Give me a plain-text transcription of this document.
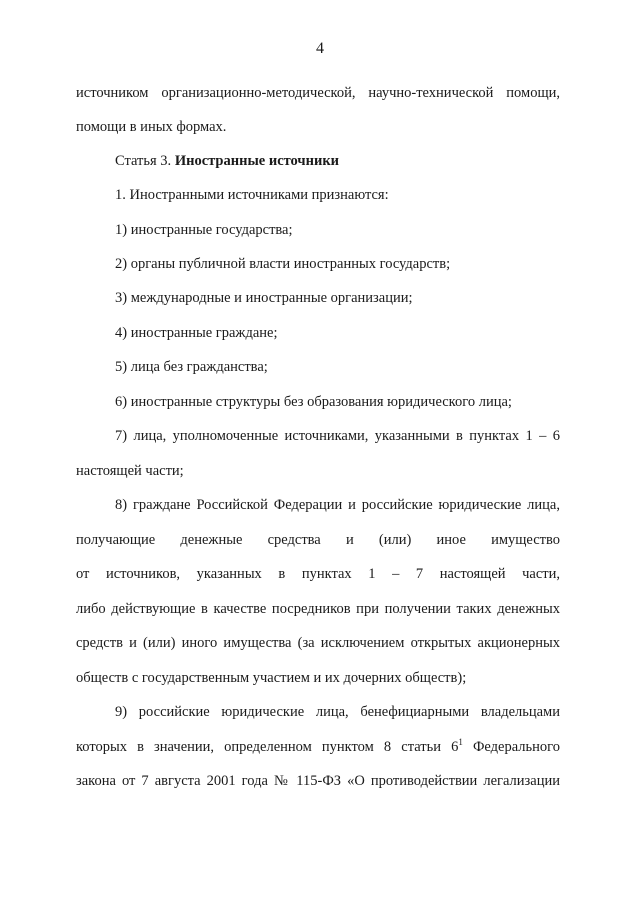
4
источником организационно-методической, научно-технической помощи,
помощи в иных формах.
Статья 3. Иностранные источники
1. Иностранными источниками признаются:
1) иностранные государства;
2) органы публичной власти иностранных государств;
3) международные и иностранные организации;
4) иностранные граждане;
5) лица без гражданства;
6) иностранные структуры без образования юридического лица;
7) лица, уполномоченные источниками, указанными в пунктах 1 – 6
настоящей части;
8) граждане Российской Федерации и российские юридические лица,
получающие денежные средства и (или) иное имущество
от источников, указанных в пунктах 1 – 7 настоящей части,
либо действующие в качестве посредников при получении таких денежных
средств и (или) иного имущества (за исключением открытых акционерных
обществ с государственным участием и их дочерних обществ);
9) российские юридические лица, бенефициарными владельцами
которых в значении, определенном пунктом 8 статьи $6^1$ Федерального
закона от 7 августа 2001 года № 115-ФЗ «О противодействии легализации
